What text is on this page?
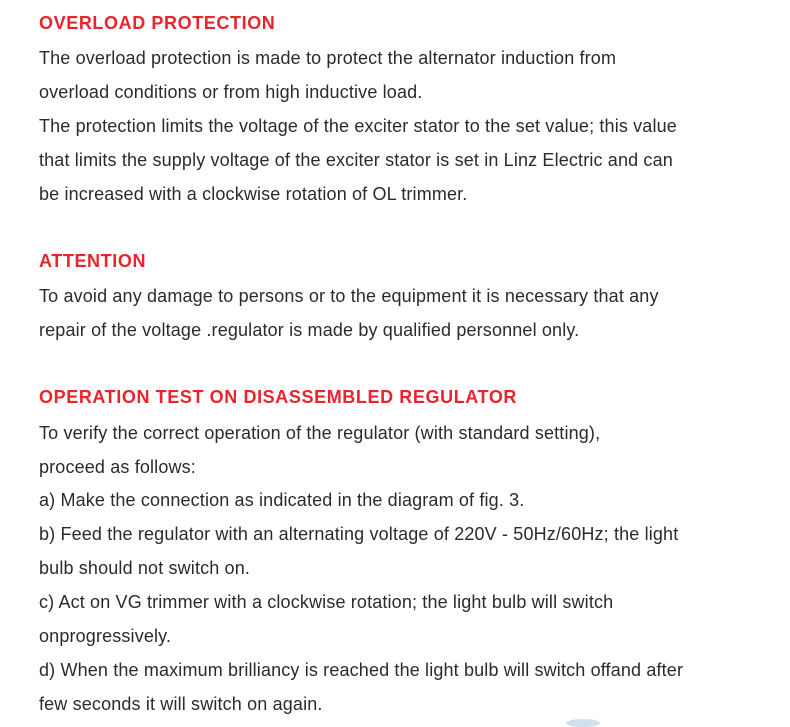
OVERLOAD PROTECTION

The overload protection is made to protect the alternator induction from

overload conditions or from high inductive load.

The protection limits the voltage of the exciter stator to the set value; this value

that limits the supply voltage of the exciter stator is set in Linz Electric and can

be increased with a clockwise rotation of OL trimmer.

ATTENTION

To avoid any damage to persons or to the equipment it is necessary that any

repair of the voltage .regulator is made by qualified personnel only.

OPERATION TEST ON DISASSEMBLED REGULATOR

To verify the correct operation of the regulator (with standard setting),

proceed as follows:

a) Make the connection as indicated in the diagram of fig. 3.

b) Feed the regulator with an alternating voltage of 220V - 50Hz/60Hz; the light

bulb should not switch on.

c) Act on VG trimmer with a clockwise rotation; the light bulb will switch

onprogressively.

d) When the maximum brilliancy is reached the light bulb will switch offand after

few seconds it will switch on again.
